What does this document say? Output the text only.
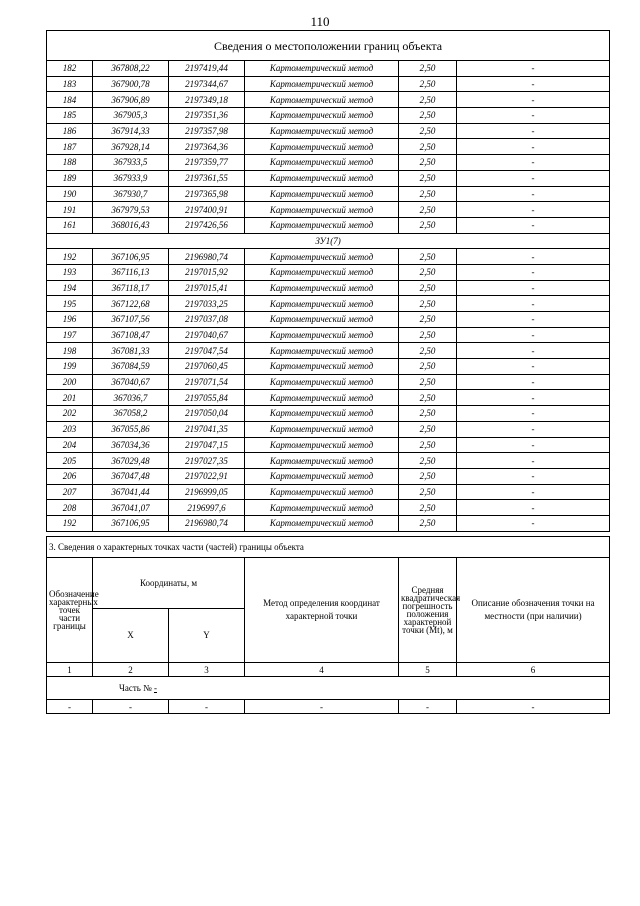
110
Сведения о местоположении границ объекта					
182	367808,22	2197419,44	Картометрический метод	2,50	-
183	367900,78	2197344,67	Картометрический метод	2,50	-
184	367906,89	2197349,18	Картометрический метод	2,50	-
185	367905,3	2197351,36	Картометрический метод	2,50	-
186	367914,33	2197357,98	Картометрический метод	2,50	-
187	367928,14	2197364,36	Картометрический метод	2,50	-
188	367933,5	2197359,77	Картометрический метод	2,50	-
189	367933,9	2197361,55	Картометрический метод	2,50	-
190	367930,7	2197365,98	Картометрический метод	2,50	-
191	367979,53	2197400,91	Картометрический метод	2,50	-
161	368016,43	2197426,56	Картометрический метод	2,50	-
ЗУ1(7)					
192	367106,95	2196980,74	Картометрический метод	2,50	-
193	367116,13	2197015,92	Картометрический метод	2,50	-
194	367118,17	2197015,41	Картометрический метод	2,50	-
195	367122,68	2197033,25	Картометрический метод	2,50	-
196	367107,56	2197037,08	Картометрический метод	2,50	-
197	367108,47	2197040,67	Картометрический метод	2,50	-
198	367081,33	2197047,54	Картометрический метод	2,50	-
199	367084,59	2197060,45	Картометрический метод	2,50	-
200	367040,67	2197071,54	Картометрический метод	2,50	-
201	367036,7	2197055,84	Картометрический метод	2,50	-
202	367058,2	2197050,04	Картометрический метод	2,50	-
203	367055,86	2197041,35	Картометрический метод	2,50	-
204	367034,36	2197047,15	Картометрический метод	2,50	-
205	367029,48	2197027,35	Картометрический метод	2,50	-
206	367047,48	2197022,91	Картометрический метод	2,50	-
207	367041,44	2196999,05	Картометрический метод	2,50	-
208	367041,07	2196997,6	Картометрический метод	2,50	-
192	367106,95	2196980,74	Картометрический метод	2,50	-
3. Сведения о характерных точках части (частей) границы объекта					
Обозначение характерных точек части границы	Координаты, м		Метод определения координат характерной точки	Средняя квадратическая погрешность положения характерной точки (Mt), м	Описание обозначения точки на местности (при наличии)
	X	Y			
1	2	3	4	5	6
Часть № -					
-	-	-	-	-	-
